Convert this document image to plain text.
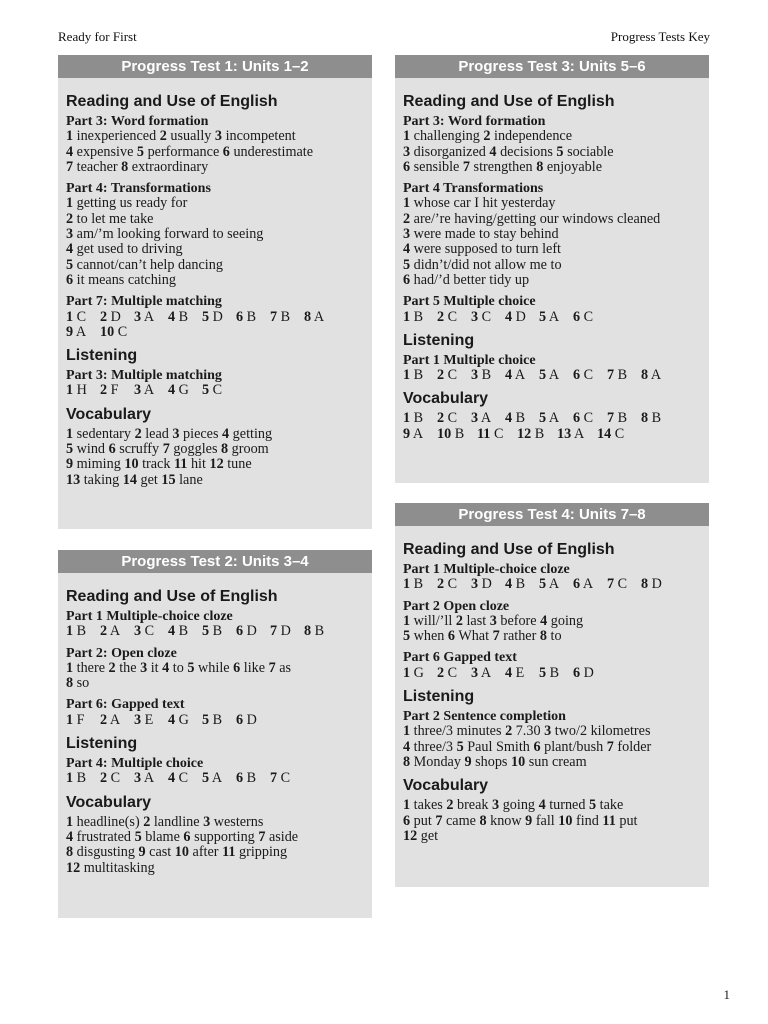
Ready for First	Progress Tests Key
Progress Test 1: Units 1–2
Reading and Use of English
Part 3: Word formation
1 inexperienced 2 usually 3 incompetent
4 expensive 5 performance 6 underestimate
7 teacher 8 extraordinary
Part 4: Transformations
1 getting us ready for
2 to let me take
3 am/’m looking forward to seeing
4 get used to driving
5 cannot/can’t help dancing
6 it means catching
Part 7: Multiple matching
1 C 2 D 3 A 4 B 5 D 6 B 7 B 8 A
9 A 10 C
Listening
Part 3: Multiple matching
1 H 2 F 3 A 4 G 5 C
Vocabulary
1 sedentary 2 lead 3 pieces 4 getting
5 wind 6 scruffy 7 goggles 8 groom
9 miming 10 track 11 hit 12 tune
13 taking 14 get 15 lane
Progress Test 2: Units 3–4
Reading and Use of English
Part 1 Multiple-choice cloze
1 B 2 A 3 C 4 B 5 B 6 D 7 D 8 B
Part 2: Open cloze
1 there 2 the 3 it 4 to 5 while 6 like 7 as
8 so
Part 6: Gapped text
1 F 2 A 3 E 4 G 5 B 6 D
Listening
Part 4: Multiple choice
1 B 2 C 3 A 4 C 5 A 6 B 7 C
Vocabulary
1 headline(s) 2 landline 3 westerns
4 frustrated 5 blame 6 supporting 7 aside
8 disgusting 9 cast 10 after 11 gripping
12 multitasking
Progress Test 3: Units 5–6
Reading and Use of English
Part 3: Word formation
1 challenging 2 independence
3 disorganized 4 decisions 5 sociable
6 sensible 7 strengthen 8 enjoyable
Part 4 Transformations
1 whose car I hit yesterday
2 are/’re having/getting our windows cleaned
3 were made to stay behind
4 were supposed to turn left
5 didn’t/did not allow me to
6 had/’d better tidy up
Part 5 Multiple choice
1 B 2 C 3 C 4 D 5 A 6 C
Listening
Part 1 Multiple choice
1 B 2 C 3 B 4 A 5 A 6 C 7 B 8 A
Vocabulary
1 B 2 C 3 A 4 B 5 A 6 C 7 B 8 B
9 A 10 B 11 C 12 B 13 A 14 C
Progress Test 4: Units 7–8
Reading and Use of English
Part 1 Multiple-choice cloze
1 B 2 C 3 D 4 B 5 A 6 A 7 C 8 D
Part 2 Open cloze
1 will/’ll 2 last 3 before 4 going
5 when 6 What 7 rather 8 to
Part 6 Gapped text
1 G 2 C 3 A 4 E 5 B 6 D
Listening
Part 2 Sentence completion
1 three/3 minutes 2 7.30 3 two/2 kilometres
4 three/3 5 Paul Smith 6 plant/bush 7 folder
8 Monday 9 shops 10 sun cream
Vocabulary
1 takes 2 break 3 going 4 turned 5 take
6 put 7 came 8 know 9 fall 10 find 11 put
12 get
1
